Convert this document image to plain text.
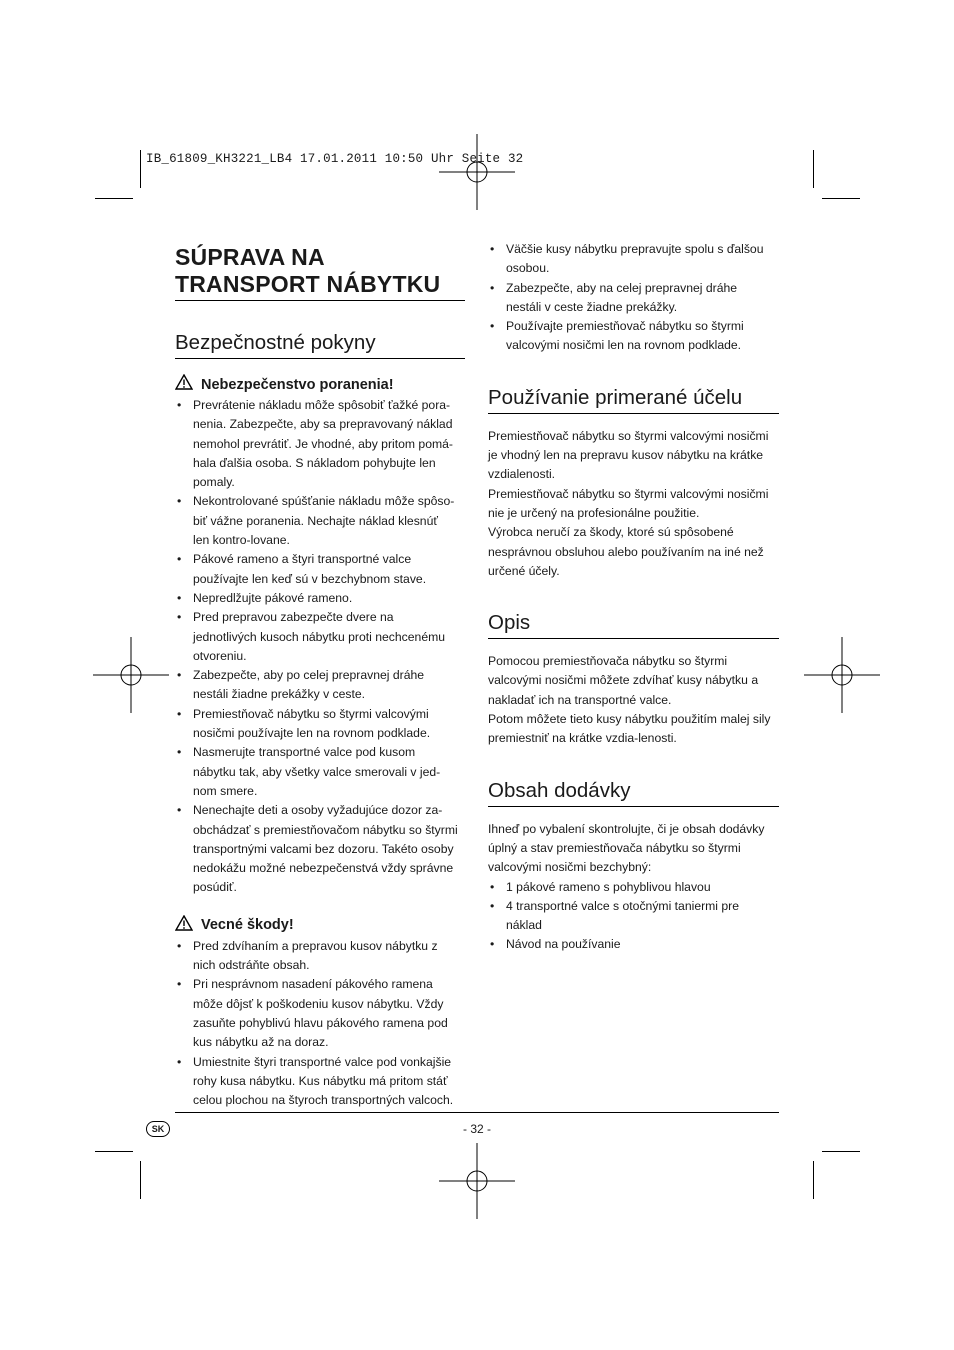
IB_61809_KH3221_LB4 17.01.2011 10:50 Uhr Seite 32
SÚPRAVA NA
TRANSPORT NÁBYTKU
Bezpečnostné pokyny
Nebezpečenstvo poranenia!
• Prevrátenie nákladu môže spôsobiť ťažké pora-
nenia. Zabezpečte, aby sa prepravovaný náklad
nemohol prevrátiť. Je vhodné, aby pritom pomá-
hala ďalšia osoba. S nákladom pohybujte len
pomaly.
• Nekontrolované spúšťanie nákladu môže spôso-
biť vážne poranenia. Nechajte náklad klesnúť
len kontro-lovane.
• Pákové rameno a štyri transportné valce
používajte len keď sú v bezchybnom stave.
• Nepredlžujte pákové rameno.
• Pred prepravou zabezpečte dvere na
jednotlivých kusoch nábytku proti nechcenému
otvoreniu.
• Zabezpečte, aby po celej prepravnej dráhe
nestáli žiadne prekážky v ceste.
• Premiestňovač nábytku so štyrmi valcovými
nosičmi používajte len na rovnom podklade.
• Nasmerujte transportné valce pod kusom
nábytku tak, aby všetky valce smerovali v jed-
nom smere.
• Nenechajte deti a osoby vyžadujúce dozor za-
obchádzať s premiestňovačom nábytku so štyrmi
transportnými valcami bez dozoru. Takéto osoby
nedokážu možné nebezpečenstvá vždy správne
posúdiť.
Vecné škody!
• Pred zdvíhaním a prepravou kusov nábytku z
nich odstráňte obsah.
• Pri nesprávnom nasadení pákového ramena
môže dôjsť k poškodeniu kusov nábytku. Vždy
zasuňte pohyblivú hlavu pákového ramena pod
kus nábytku až na doraz.
• Umiestnite štyri transportné valce pod vonkajšie
rohy kusa nábytku. Kus nábytku má pritom stáť
celou plochou na štyroch transportných valcoch.
• Väčšie kusy nábytku prepravujte spolu s ďalšou
osobou.
• Zabezpečte, aby na celej prepravnej dráhe
nestáli v ceste žiadne prekážky.
• Používajte premiestňovač nábytku so štyrmi
valcovými nosičmi len na rovnom podklade.
Používanie primerané účelu

Premiestňovač nábytku so štyrmi valcovými nosičmi

je vhodný len na prepravu kusov nábytku na krátke

vzdialenosti.

Premiestňovač nábytku so štyrmi valcovými nosičmi

nie je určený na profesionálne použitie.

Výrobca neručí za škody, ktoré sú spôsobené

nesprávnou obsluhou alebo používaním na iné než

určené účely.

Opis

Pomocou premiestňovača nábytku so štyrmi

valcovými nosičmi môžete zdvíhať kusy nábytku a

nakladať ich na transportné valce.

Potom môžete tieto kusy nábytku použitím malej sily

premiestniť na krátke vzdia-lenosti.

Obsah dodávky

Ihneď po vybalení skontrolujte, či je obsah dodávky

úplný a stav premiestňovača nábytku so štyrmi

valcovými nosičmi bezchybný:

• 1 pákové rameno s pohyblivou hlavou
• 4 transportné valce s otočnými taniermi pre
náklad
• Návod na používanie
SK	- 32 -
